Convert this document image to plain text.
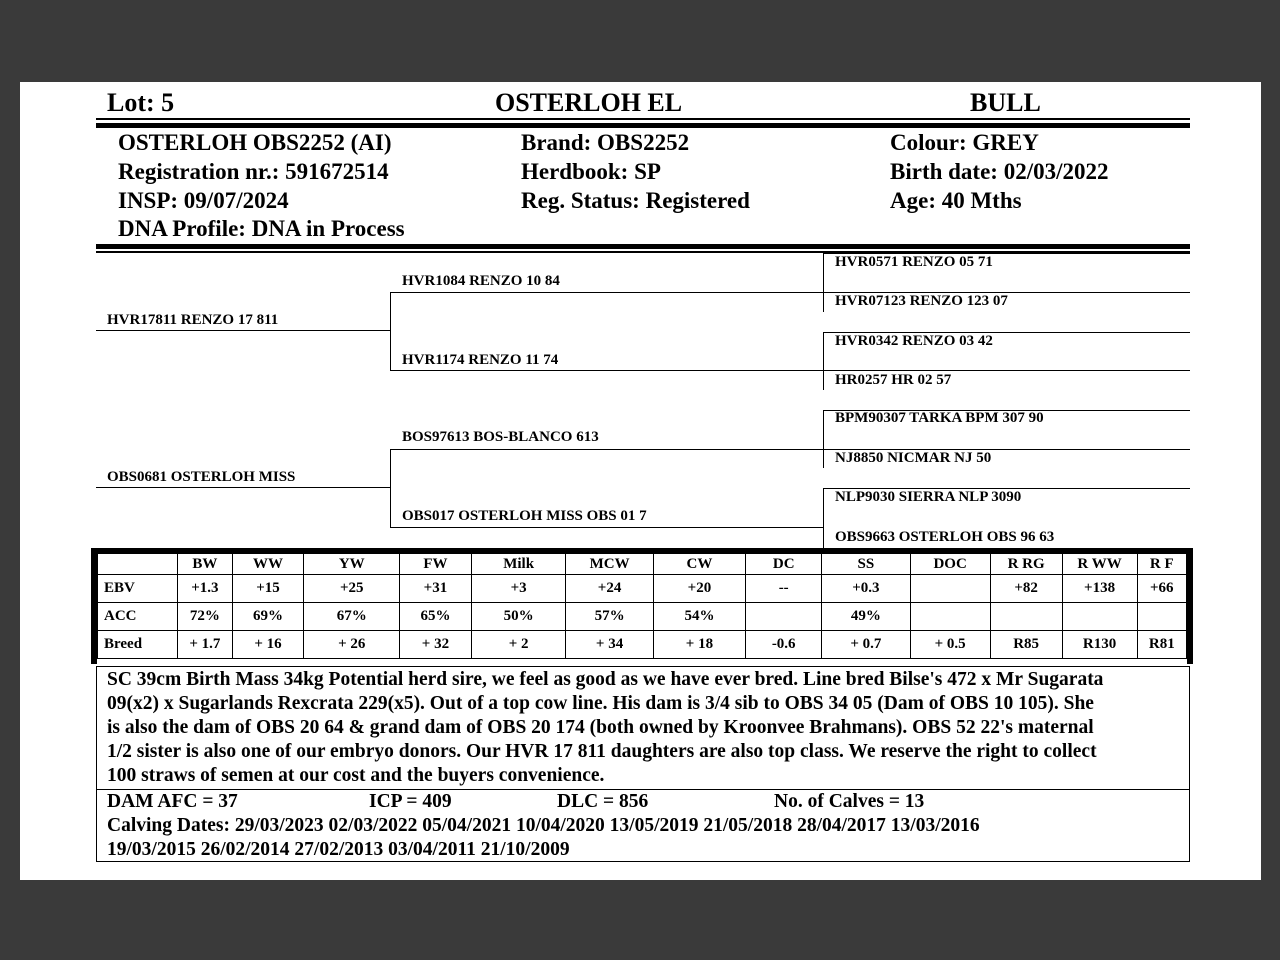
Lot: 5	OSTERLOH EL	BULL
OSTERLOH OBS2252 (AI)
Registration nr.: 591672514
INSP: 09/07/2024
DNA Profile: DNA in Process
Brand: OBS2252
Herdbook: SP
Reg. Status: Registered
Colour: GREY
Birth date: 02/03/2022
Age: 40 Mths
HVR17811 RENZO 17 811
OBS0681 OSTERLOH MISS
HVR1084 RENZO 10 84
HVR1174 RENZO 11 74
BOS97613 BOS-BLANCO 613
OBS017 OSTERLOH MISS OBS 01 7
HVR0571 RENZO 05 71
HVR07123 RENZO 123 07
HVR0342 RENZO 03 42
HR0257 HR 02 57
BPM90307 TARKA BPM 307 90
NJ8850 NICMAR NJ 50
NLP9030 SIERRA NLP 3090
OBS9663 OSTERLOH OBS 96 63
	BW	WW	YW	FW	Milk	MCW	CW	DC	SS	DOC	R RG	R WW	R F
EBV	+1.3	+15	+25	+31	+3	+24	+20	--	+0.3		+82	+138	+66
ACC	72%	69%	67%	65%	50%	57%	54%		49%				
Breed	+ 1.7	+ 16	+ 26	+ 32	+ 2	+ 34	+ 18	-0.6	+ 0.7	+ 0.5	R85	R130	R81
SC 39cm Birth Mass 34kg Potential herd sire, we feel as good as we have ever bred. Line bred Bilse's 472 x Mr Sugarata
09(x2) x Sugarlands Rexcrata 229(x5). Out of a top cow line. His dam is 3/4 sib to OBS 34 05 (Dam of OBS 10 105). She
is also the dam of OBS 20 64 & grand dam of OBS 20 174 (both owned by Kroonvee Brahmans). OBS 52 22's maternal
1/2 sister is also one of our embryo donors. Our HVR 17 811 daughters are also top class. We reserve the right to collect
100 straws of semen at our cost and the buyers convenience.
DAM AFC = 37	ICP = 409	DLC = 856	No. of Calves = 13
Calving Dates: 29/03/2023 02/03/2022 05/04/2021 10/04/2020 13/05/2019 21/05/2018 28/04/2017 13/03/2016
19/03/2015 26/02/2014 27/02/2013 03/04/2011 21/10/2009
